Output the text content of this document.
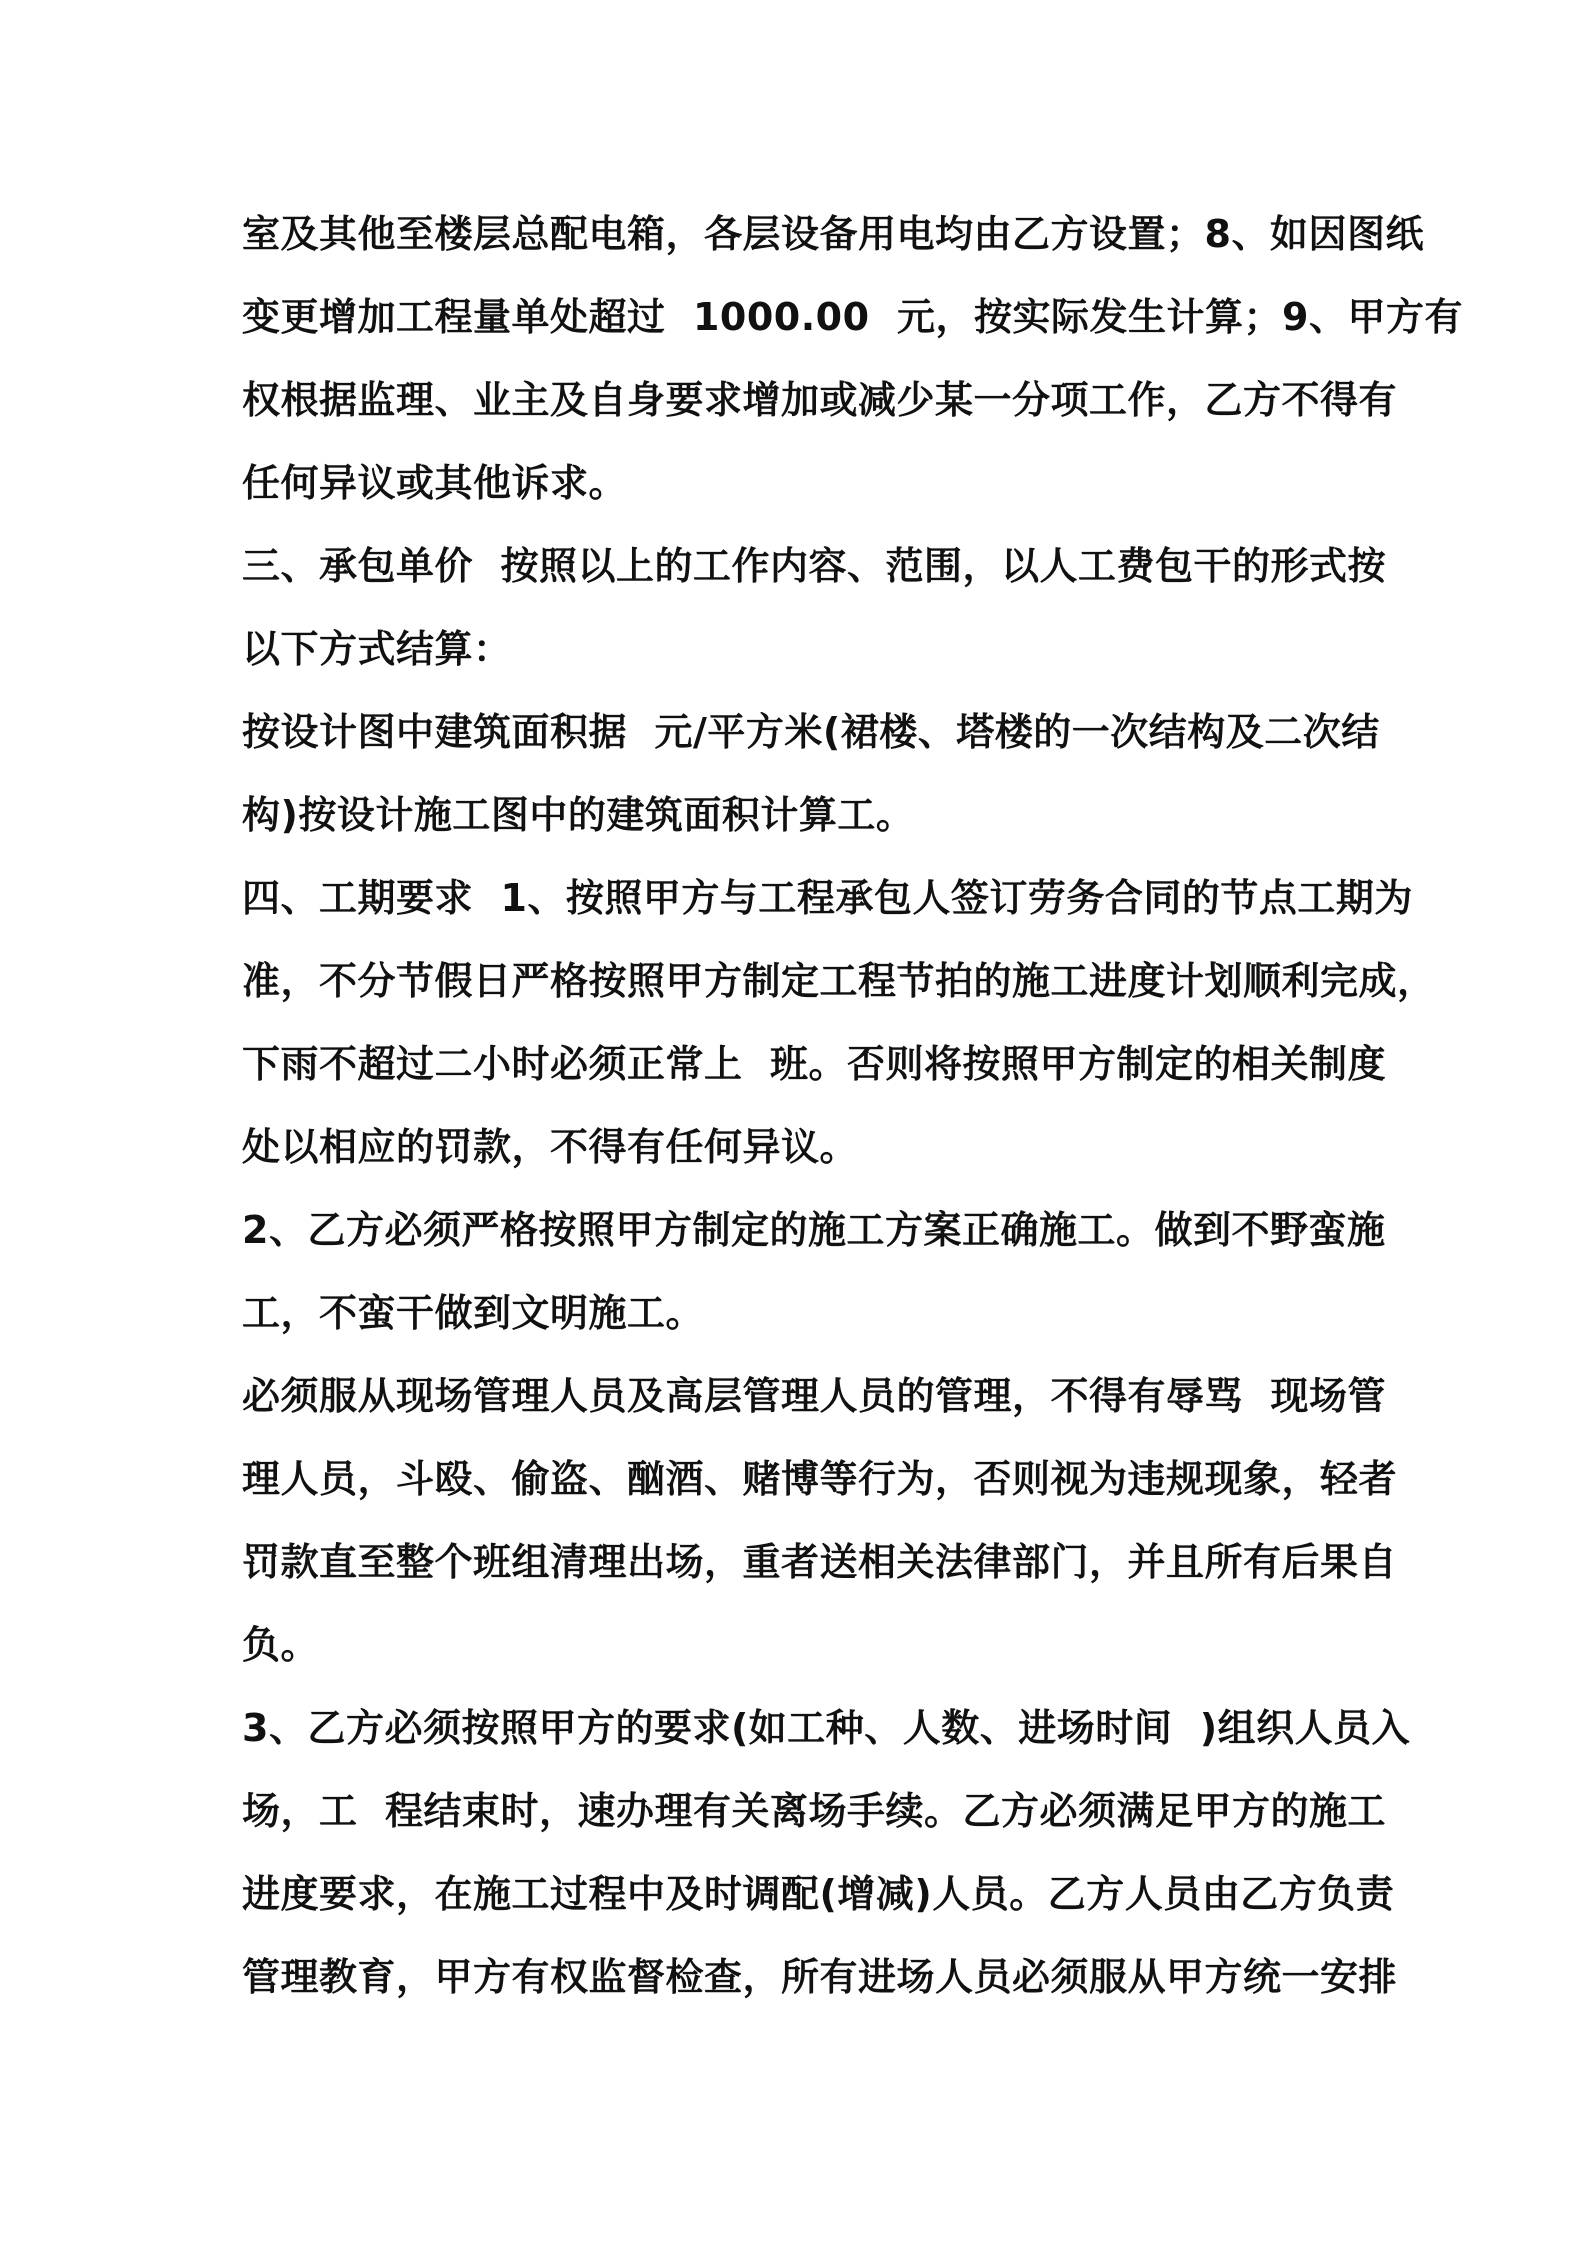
室及其他至楼层总配电箱，各层设备用电均由乙方设置；8、如因图纸
变更增加工程量单处超过  1000.00  元，按实际发生计算；9、甲方有
权根据监理、业主及自身要求增加或减少某一分项工作，乙方不得有
任何异议或其他诉求。
三、承包单价  按照以上的工作内容、范围，以人工费包干的形式按
以下方式结算：
按设计图中建筑面积据  元/平方米(裙楼、塔楼的一次结构及二次结
构)按设计施工图中的建筑面积计算工。
四、工期要求  1、按照甲方与工程承包人签订劳务合同的节点工期为
准，不分节假日严格按照甲方制定工程节拍的施工进度计划顺利完成，
下雨不超过二小时必须正常上  班。否则将按照甲方制定的相关制度
处以相应的罚款，不得有任何异议。
2、乙方必须严格按照甲方制定的施工方案正确施工。做到不野蛮施
工，不蛮干做到文明施工。
必须服从现场管理人员及高层管理人员的管理，不得有辱骂  现场管
理人员，斗殴、偷盗、酗酒、赌博等行为，否则视为违规现象，轻者
罚款直至整个班组清理出场，重者送相关法律部门，并且所有后果自
负。
3、乙方必须按照甲方的要求(如工种、人数、进场时间  )组织人员入
场，工  程结束时，速办理有关离场手续。乙方必须满足甲方的施工
进度要求，在施工过程中及时调配(增减)人员。乙方人员由乙方负责
管理教育，甲方有权监督检查，所有进场人员必须服从甲方统一安排
